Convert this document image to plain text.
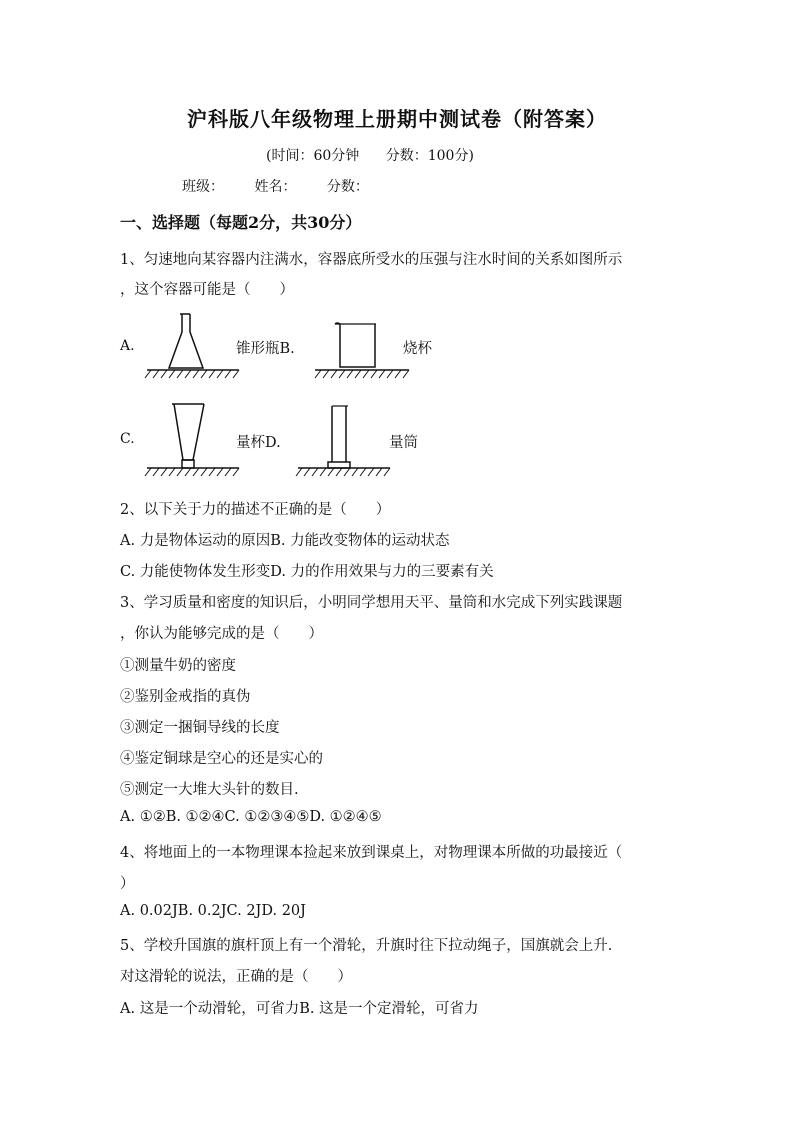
沪科版八年级物理上册期中测试卷（附答案）
(时间：60分钟 分数：100分)
班级： 姓名： 分数：
一、选择题（每题2分，共30分）
1、匀速地向某容器内注满水，容器底所受水的压强与注水时间的关系如图所示
，这个容器可能是（　　）
A.	锥形瓶B.	烧杯
C.	量杯D.	量筒
2、以下关于力的描述不正确的是（　　）
A. 力是物体运动的原因B. 力能改变物体的运动状态
C. 力能使物体发生形变D. 力的作用效果与力的三要素有关
3、学习质量和密度的知识后，小明同学想用天平、量筒和水完成下列实践课题
，你认为能够完成的是（　　）
①测量牛奶的密度
②鉴别金戒指的真伪
③测定一捆铜导线的长度
④鉴定铜球是空心的还是实心的
⑤测定一大堆大头针的数目.
A. ①②B. ①②④C. ①②③④⑤D. ①②④⑤
4、将地面上的一本物理课本捡起来放到课桌上，对物理课本所做的功最接近（
）
A. 0.02JB. 0.2JC. 2JD. 20J
5、学校升国旗的旗杆顶上有一个滑轮，升旗时往下拉动绳子，国旗就会上升.
对这滑轮的说法，正确的是（　　）
A. 这是一个动滑轮，可省力B. 这是一个定滑轮，可省力
